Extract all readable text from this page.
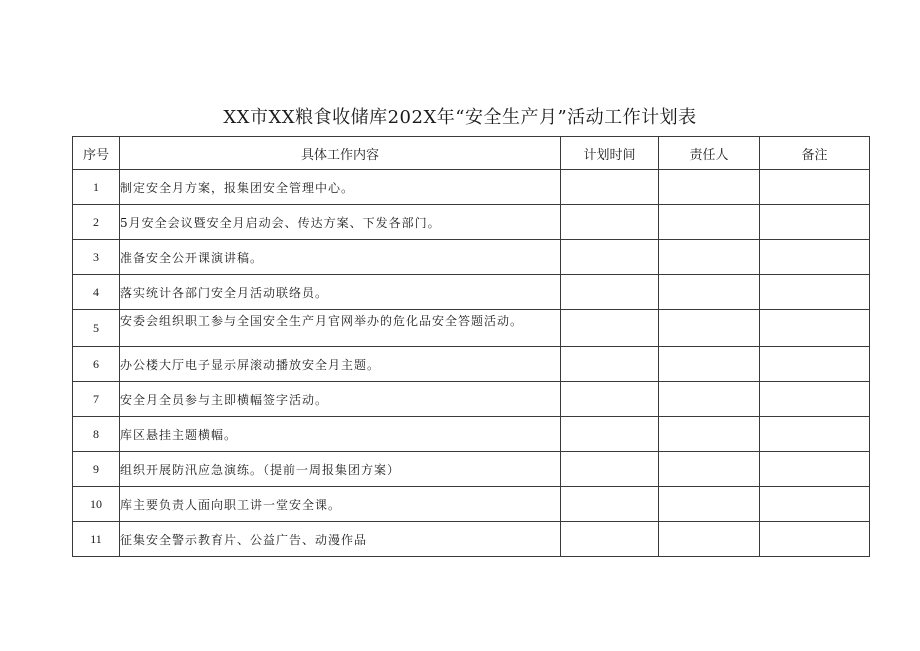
XX市XX粮食收储库202X年“安全生产月”活动工作计划表
序号	具体工作内容	计划时间	责任人	备注
1	制定安全月方案，报集团安全管理中心。			
2	5月安全会议暨安全月启动会、传达方案、下发各部门。			
3	准备安全公开课演讲稿。			
4	落实统计各部门安全月活动联络员。			
5	安委会组织职工参与全国安全生产月官网举办的危化品安全答题活动。			
6	办公楼大厅电子显示屏滚动播放安全月主题。			
7	安全月全员参与主即横幅签字活动。			
8	库区悬挂主题横幅。			
9	组织开展防汛应急演练。（提前一周报集团方案）			
10	库主要负责人面向职工讲一堂安全课。			
11	征集安全警示教育片、公益广告、动漫作品			
